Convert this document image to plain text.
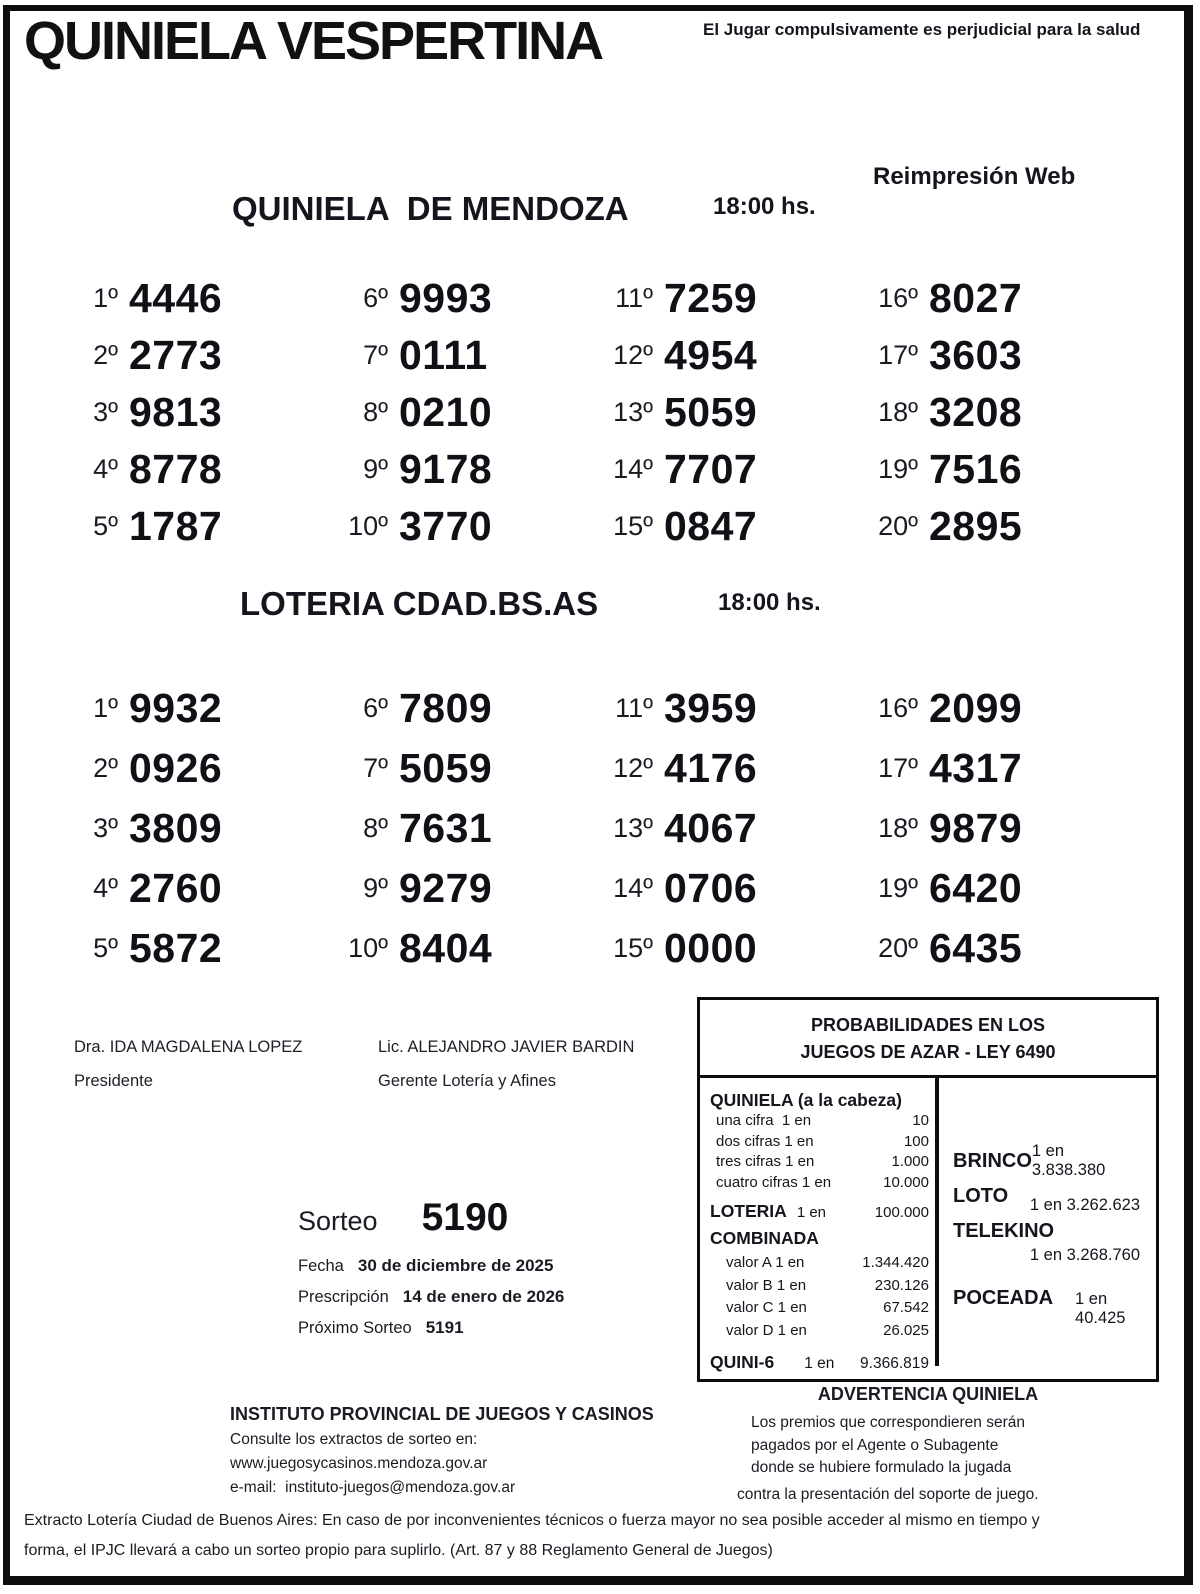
QUINIELA VESPERTINA	El Jugar compulsivamente es perjudicial para la salud
Reimpresión Web
QUINIELA  DE MENDOZA	18:00 hs.
1º 4446
2º 2773
3º 9813
4º 8778
5º 1787
6º 9993
7º 0111
8º 0210
9º 9178
10º 3770
11º 7259
12º 4954
13º 5059
14º 7707
15º 0847
16º 8027
17º 3603
18º 3208
19º 7516
20º 2895
LOTERIA CDAD.BS.AS	18:00 hs.
1º 9932
2º 0926
3º 3809
4º 2760
5º 5872
6º 7809
7º 5059
8º 7631
9º 9279
10º 8404
11º 3959
12º 4176
13º 4067
14º 0706
15º 0000
16º 2099
17º 4317
18º 9879
19º 6420
20º 6435
Dra. IDA MAGDALENA LOPEZ
Presidente
Lic. ALEJANDRO JAVIER BARDIN
Gerente Lotería y Afines
Sorteo 5190
Fecha 30 de diciembre de 2025
Prescripción 14 de enero de 2026
Próximo Sorteo 5191
PROBABILIDADES EN LOS
JUEGOS DE AZAR - LEY 6490
QUINIELA (a la cabeza)
una cifra  1 en	10
dos cifras 1 en	100
tres cifras 1 en	1.000
cuatro cifras 1 en	10.000
LOTERIA 1 en	100.000
COMBINADA
valor A 1 en	1.344.420
valor B 1 en	230.126
valor C 1 en	67.542
valor D 1 en	26.025
QUINI-6 1 en 9.366.819
BRINCO 1 en 3.838.380
LOTO 1 en 3.262.623
TELEKINO
1 en 3.268.760
POCEADA 1 en 40.425
ADVERTENCIA QUINIELA
Los premios que correspondieren serán
pagados por el Agente o Subagente
donde se hubiere formulado la jugada
contra la presentación del soporte de juego.
INSTITUTO PROVINCIAL DE JUEGOS Y CASINOS
Consulte los extractos de sorteo en:
www.juegosycasinos.mendoza.gov.ar
e-mail:  instituto-juegos@mendoza.gov.ar
Extracto Lotería Ciudad de Buenos Aires: En caso de por inconvenientes técnicos o fuerza mayor no sea posible acceder al mismo en tiempo y
forma, el IPJC llevará a cabo un sorteo propio para suplirlo. (Art. 87 y 88 Reglamento General de Juegos)
